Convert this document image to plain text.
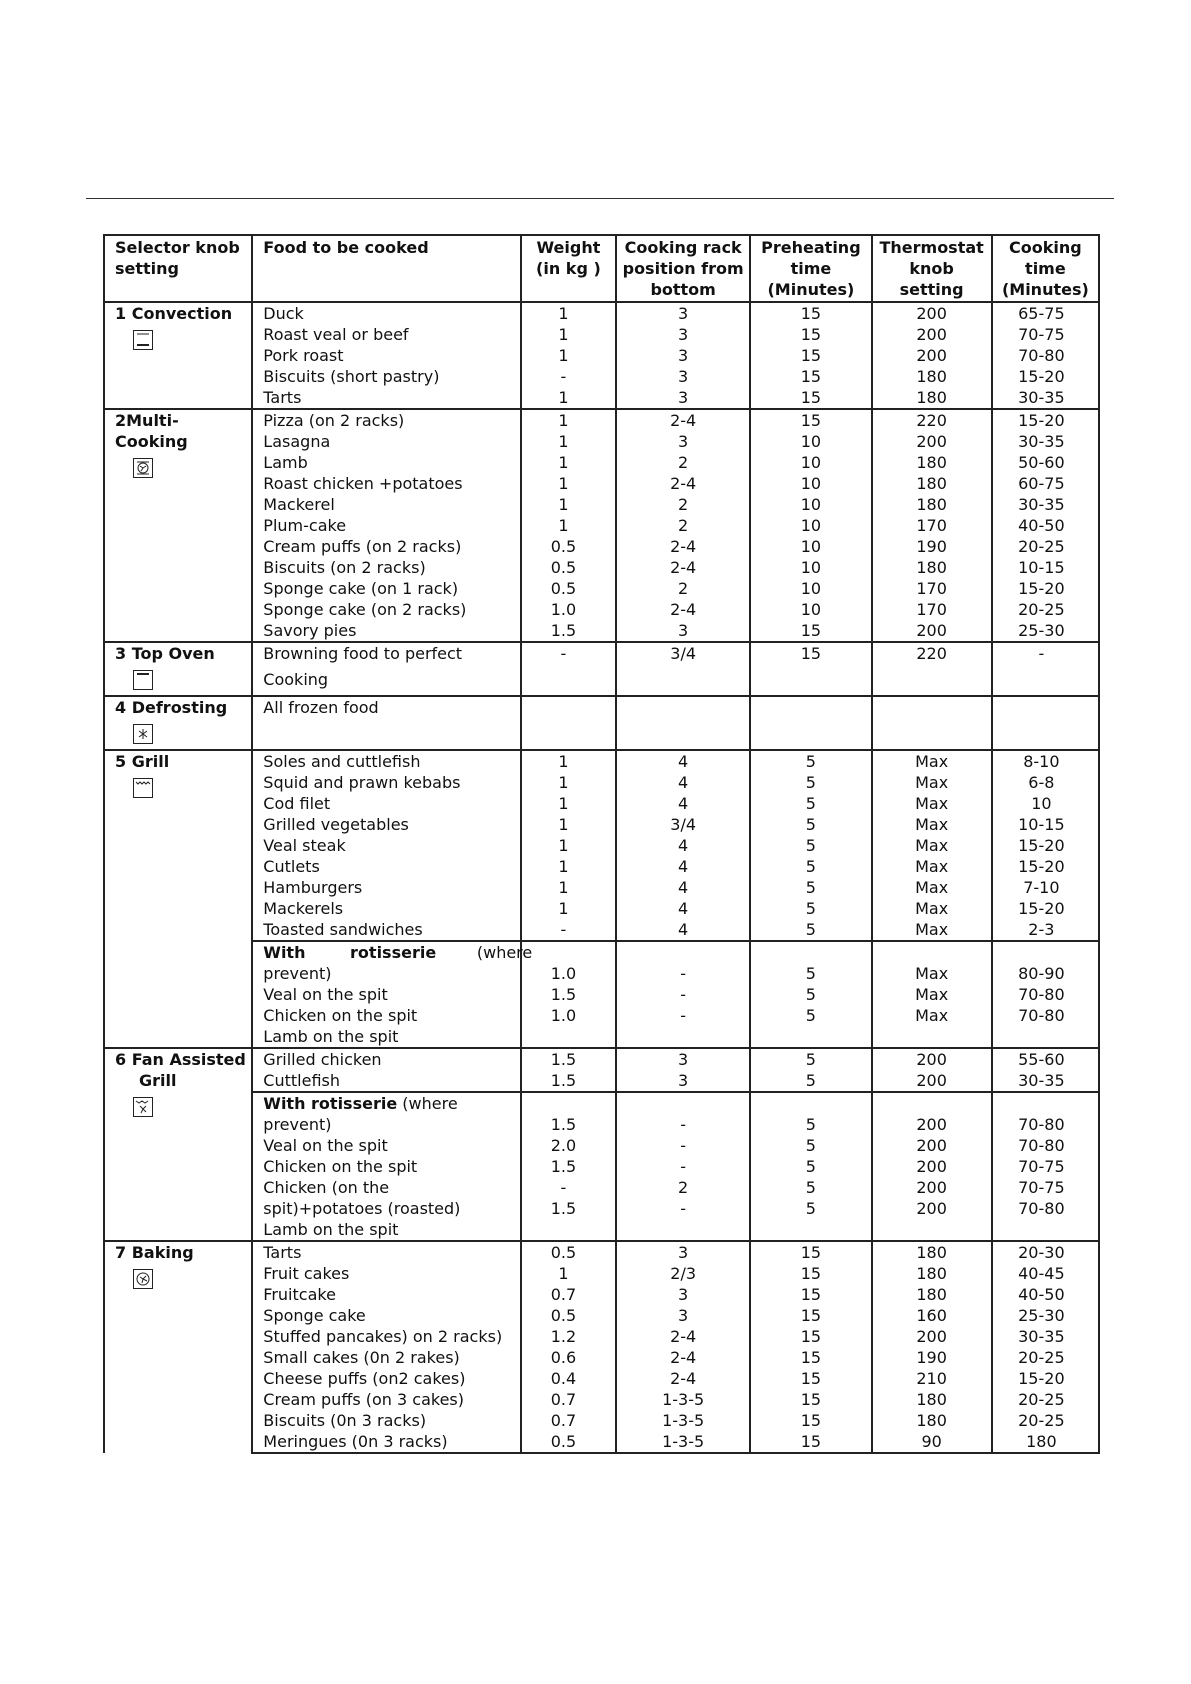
Selector knob
setting	Food to be cooked	Weight
(in kg )	Cooking rack
position from
bottom	Preheating
time
(Minutes)	Thermostat
knob
setting	Cooking
time
(Minutes)

1 Convection	Duck	1	3	15	200	65-75
	Roast veal or beef	1	3	15	200	70-75
	Pork roast	1	3	15	200	70-80
	Biscuits (short pastry)	-	3	15	180	15-20
	Tarts	1	3	15	180	30-35

2Multi-Cooking	Pizza (on 2 racks)	1	2-4	15	220	15-20
	Lasagna	1	3	10	200	30-35
	Lamb	1	2	10	180	50-60
	Roast chicken +potatoes	1	2-4	10	180	60-75
	Mackerel	1	2	10	180	30-35
	Plum-cake	1	2	10	170	40-50
	Cream puffs (on 2 racks)	0.5	2-4	10	190	20-25
	Biscuits (on 2 racks)	0.5	2-4	10	180	10-15
	Sponge cake (on 1 rack)	0.5	2	10	170	15-20
	Sponge cake (on 2 racks)	1.0	2-4	10	170	20-25
	Savory pies	1.5	3	15	200	25-30

3 Top Oven	Browning food to perfect	-	3/4	15	220	-
	Cooking					

4 Defrosting	All frozen food					

5 Grill	Soles and cuttlefish	1	4	5	Max	8-10
	Squid and prawn kebabs	1	4	5	Max	6-8
	Cod filet	1	4	5	Max	10
	Grilled vegetables	1	3/4	5	Max	10-15
	Veal steak	1	4	5	Max	15-20
	Cutlets	1	4	5	Max	15-20
	Hamburgers	1	4	5	Max	7-10
	Mackerels	1	4	5	Max	15-20
	Toasted sandwiches	-	4	5	Max	2-3
	With        rotisserie        (where					
	prevent)	1.0	-	5	Max	80-90
	Veal on the spit	1.5	-	5	Max	70-80
	Chicken on the spit	1.0	-	5	Max	70-80
	Lamb on the spit					

6 Fan Assisted
Grill	Grilled chicken	1.5	3	5	200	55-60
	Cuttlefish	1.5	3	5	200	30-35
	With rotisserie (where					
	prevent)	1.5	-	5	200	70-80
	Veal on the spit	2.0	-	5	200	70-80
	Chicken on the spit	1.5	-	5	200	70-75
	Chicken (on the	-	2	5	200	70-75
	spit)+potatoes (roasted)	1.5	-	5	200	70-80
	Lamb on the spit					

7 Baking	Tarts	0.5	3	15	180	20-30
	Fruit cakes	1	2/3	15	180	40-45
	Fruitcake	0.7	3	15	180	40-50
	Sponge cake	0.5	3	15	160	25-30
	Stuffed pancakes) on 2 racks)	1.2	2-4	15	200	30-35
	Small cakes (0n 2 rakes)	0.6	2-4	15	190	20-25
	Cheese puffs (on2 cakes)	0.4	2-4	15	210	15-20
	Cream puffs (on 3 cakes)	0.7	1-3-5	15	180	20-25
	Biscuits (0n 3 racks)	0.7	1-3-5	15	180	20-25
	Meringues (0n 3 racks)	0.5	1-3-5	15	90	180
